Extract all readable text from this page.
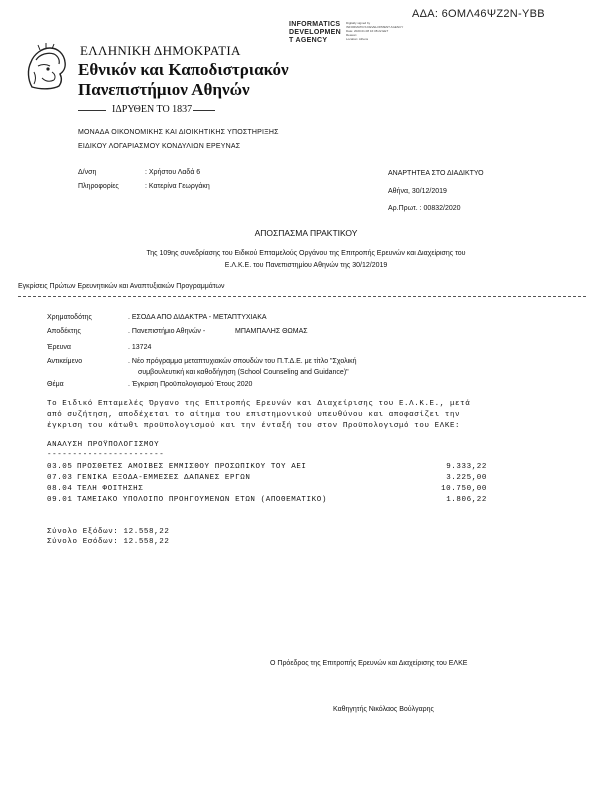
ΑΔΑ: 6ΟΜΛ46ΨΖ2Ν-ΥΒΒ
INFORMATICS
DEVELOPMEN
T AGENCY
Digitally signed by
INFORMATICS DEVELOPMENT AGENCY
Date: 2020.01.08 16:38:22 EET
Reason:
Location: Athens
ΕΛΛΗΝΙΚΗ ΔΗΜΟΚΡΑΤΙΑ
Εθνικόν και Καποδιστριακόν
Πανεπιστήμιον Αθηνών
ΙΔΡΥΘΕΝ ΤΟ 1837
ΜΟΝΑΔΑ ΟΙΚΟΝΟΜΙΚΗΣ ΚΑΙ ΔΙΟΙΚΗΤΙΚΗΣ ΥΠΟΣΤΗΡΙΞΗΣ
ΕΙΔΙΚΟΥ ΛΟΓΑΡΙΑΣΜΟΥ ΚΟΝΔΥΛΙΩΝ ΕΡΕΥΝΑΣ
Δ/νση	: Χρήστου Λαδά 6
Πληροφορίες	: Κατερίνα Γεωργάκη
ΑΝΑΡΤΗΤΕΑ ΣΤΟ ΔΙΑΔΙΚΤΥΟ
Αθήνα, 30/12/2019
Αρ.Πρωτ. : 00832/2020
ΑΠΟΣΠΑΣΜΑ ΠΡΑΚΤΙΚΟΥ
Της 109ης συνεδρίασης του Ειδικού Επταμελούς Οργάνου της Επιτροπής Ερευνών και Διαχείρισης του
Ε.Λ.Κ.Ε. του Πανεπιστημίου Αθηνών της 30/12/2019
Εγκρίσεις Πρώτων Ερευνητικών και Αναπτυξιακών Προγραμμάτων
Χρηματοδότης	. ΕΣΟΔΑ ΑΠΟ ΔΙΔΑΚΤΡΑ - ΜΕΤΑΠΤΥΧΙΑΚΑ
Αποδέκτης	. Πανεπιστήμιο Αθηνών -	ΜΠΑΜΠΑΛΗΣ ΘΩΜΑΣ
Έρευνα	. 13724
Αντικείμενο	. Νέο πρόγραμμα μεταπτυχιακών σπουδών του Π.Τ.Δ.Ε. με τίτλο "Σχολική
συμβουλευτική και καθοδήγηση (School Counseling and Guidance)"
Θέμα	. Έγκριση Προϋπολογισμού Έτους 2020
Το Ειδικό Επταμελές Όργανο της Επιτροπής Ερευνών και Διαχείρισης του Ε.Λ.Κ.Ε., μετά
από συζήτηση, αποδέχεται το αίτημα του επιστημονικού υπευθύνου και αποφασίζει την
έγκριση του κάτωθι προϋπολογισμού και την ένταξή του στον Προϋπολογισμό του ΕΛΚΕ:
ΑΝΑΛΥΣΗ ΠΡΟΫΠΟΛΟΓΙΣΜΟΥ
-----------------------
03.05 ΠΡΟΣΘΕΤΕΣ ΑΜΟΙΒΕΣ ΕΜΜΙΣΘΟΥ ΠΡΟΣΩΠΙΚΟΥ ΤΟΥ ΑΕΙ	9.333,22
07.03 ΓΕΝΙΚΑ ΕΞΟΔΑ-ΕΜΜΕΣΕΣ ΔΑΠΑΝΕΣ ΕΡΓΩΝ	3.225,00
08.04 ΤΕΛΗ ΦΟΙΤΗΣΗΣ	10.750,00
09.01 ΤΑΜΕΙΑΚΟ ΥΠΟΛΟΙΠΟ ΠΡΟΗΓΟΥΜΕΝΩΝ ΕΤΩΝ (ΑΠΟΘΕΜΑΤΙΚΟ)	1.806,22
Σύνολο Εξόδων: 12.558,22
Σύνολο Εσόδων: 12.558,22
Ο Πρόεδρος της Επιτροπής Ερευνών και Διαχείρισης του ΕΛΚΕ
Καθηγητής Νικόλαος Βούλγαρης
